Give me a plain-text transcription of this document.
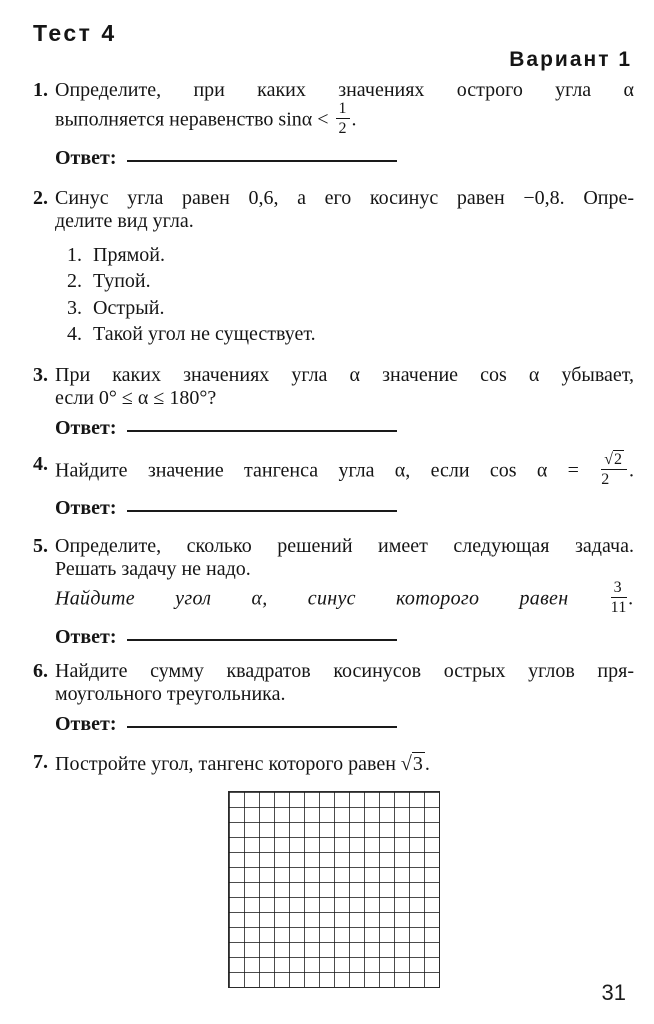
Тест 4
Вариант 1
1. Определите, при каких значениях острого угла α
выполняется неравенство $\sin\alpha < \frac{1}{2}$ .
Ответ:
2. Синус угла равен 0,6, а его косинус равен −0,8. Опре-
делите вид угла.
1. Прямой.
2. Тупой.
3. Острый.
4. Такой угол не существует.
3. При каких значениях угла α значение cos α убывает,
если 0° ≤ α ≤ 180°?
Ответ:
4. Найдите значение тангенса угла α, если $\cos \alpha = \frac{√2}{2}$ .
Ответ:
5. Определите, сколько решений имеет следующая задача.
Решать задачу не надо.
Найдите угол α, синус которого равен	$\frac{3}{11}$ .
Ответ:
6. Найдите сумму квадратов косинусов острых углов пря-
моугольного треугольника.
Ответ:
7. Постройте угол, тангенс которого равен √3 .
31
